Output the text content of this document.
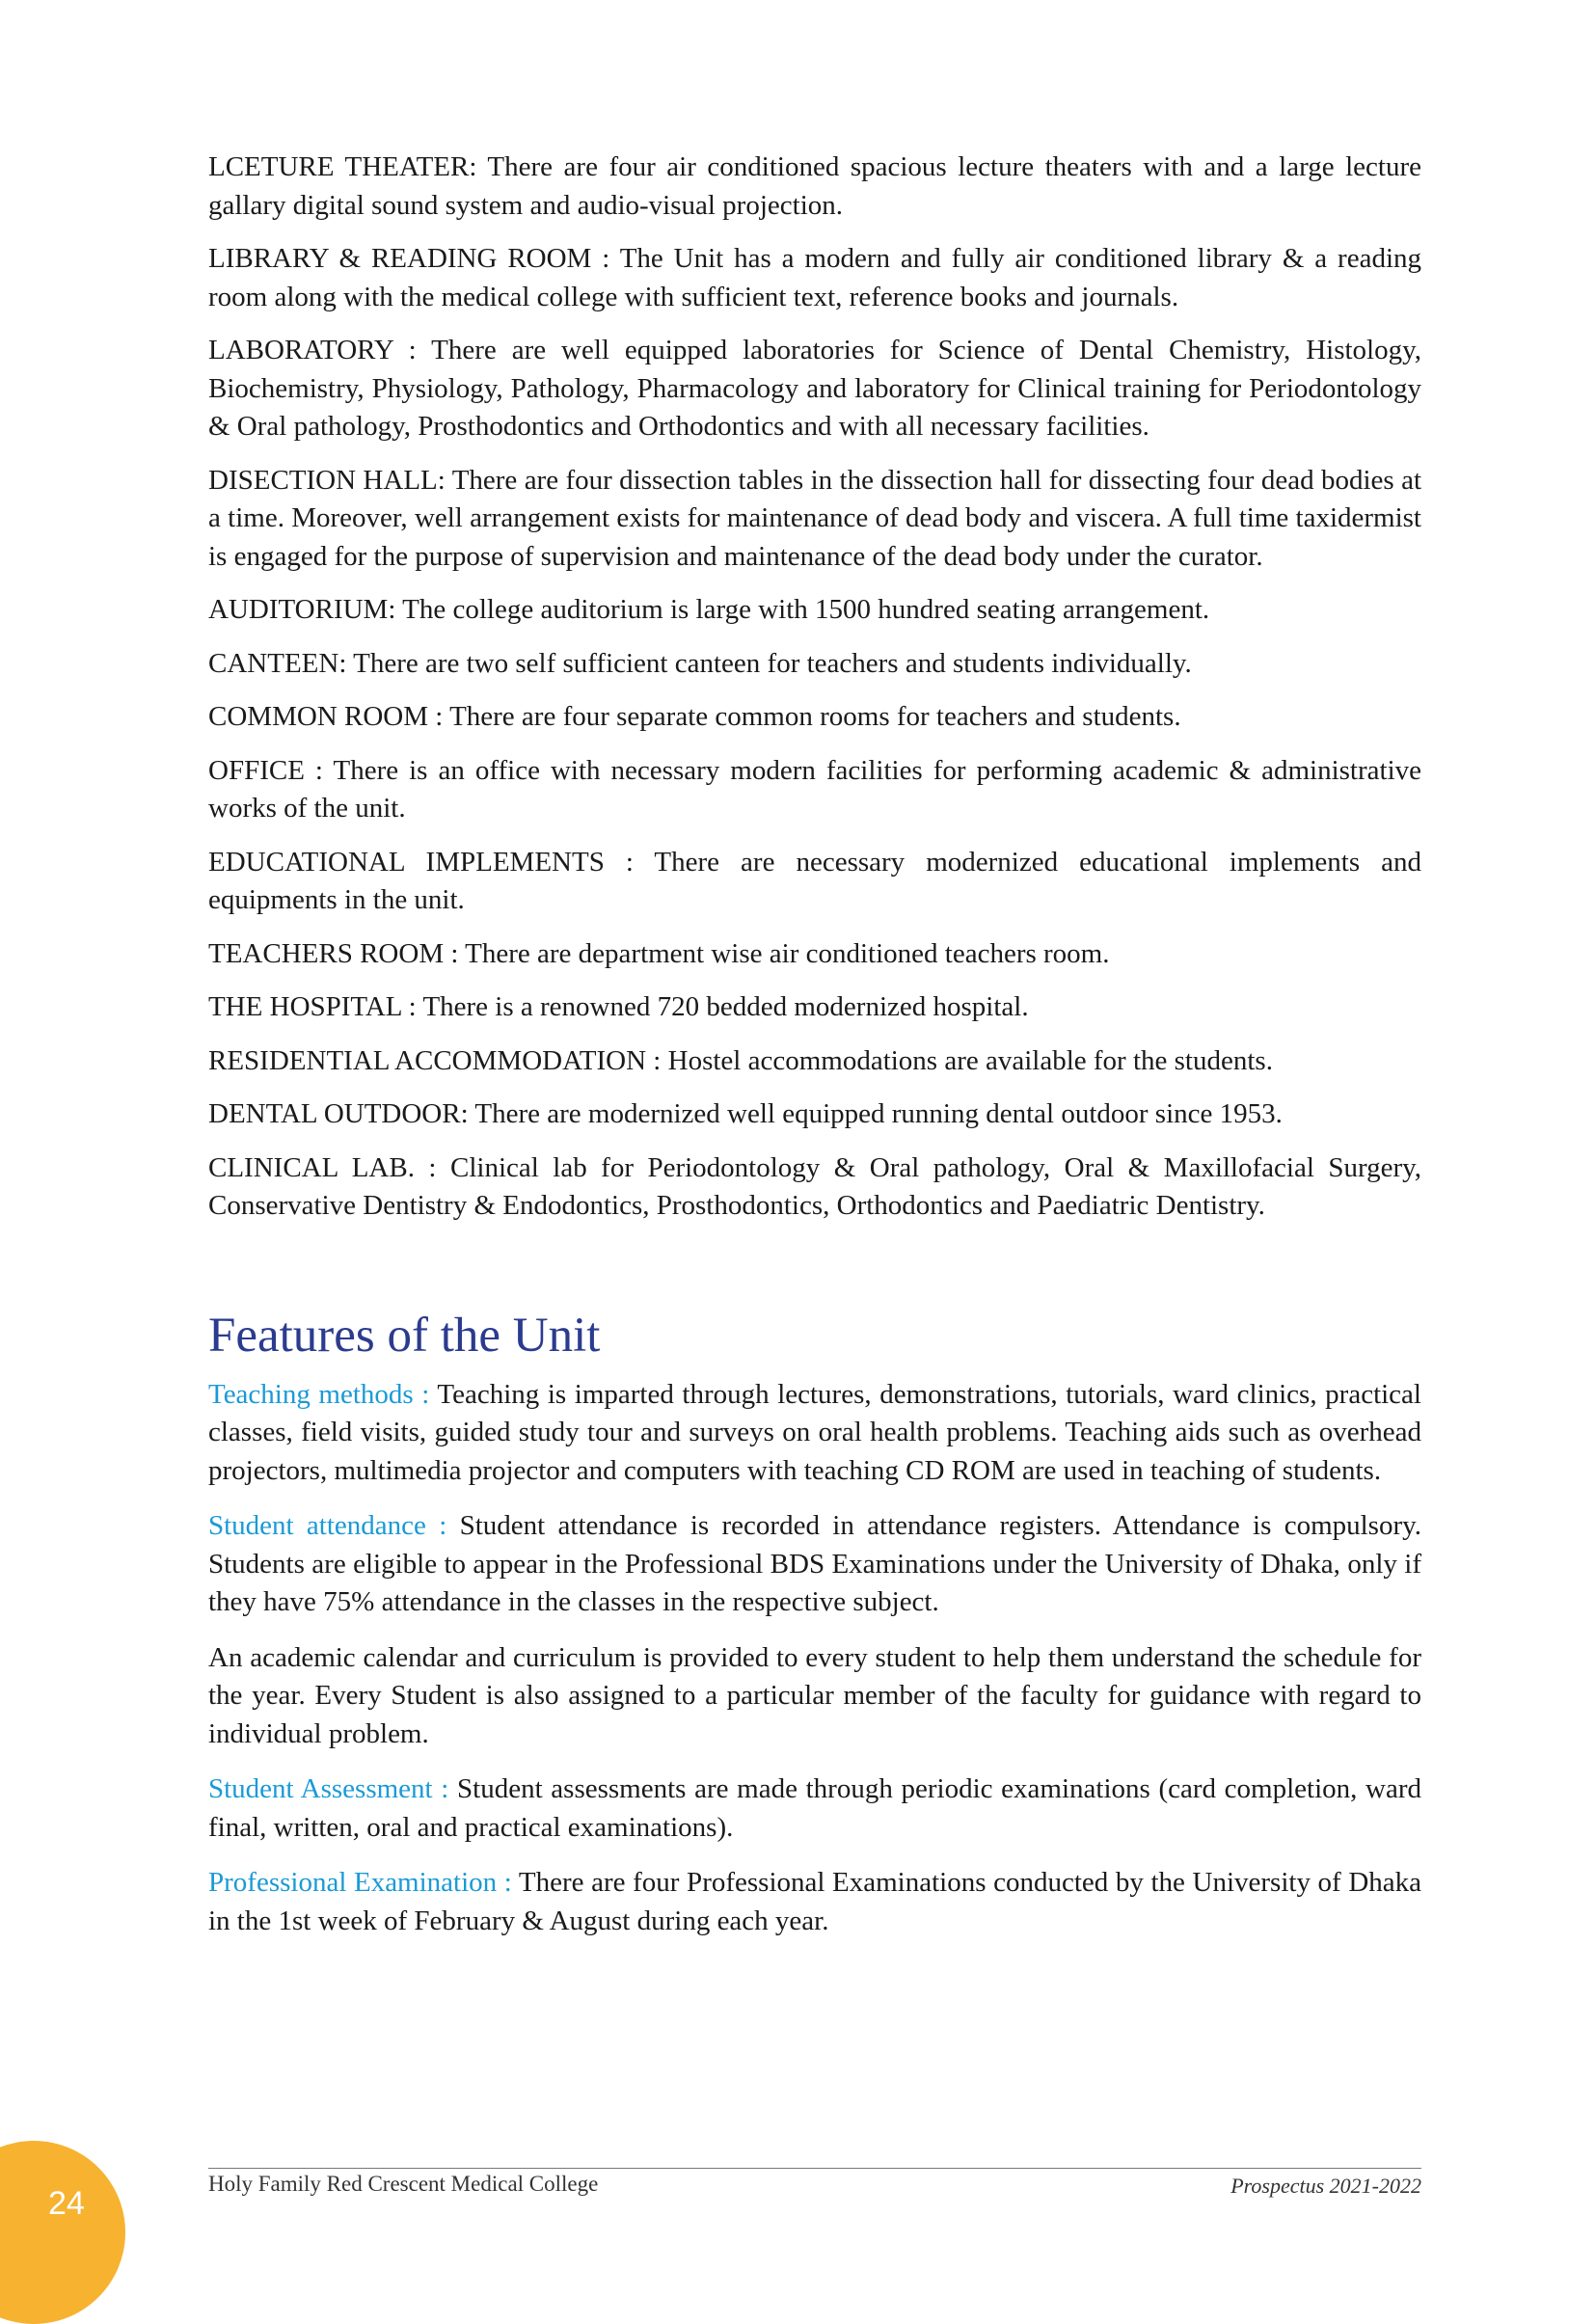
LCETURE THEATER: There are four air conditioned spacious lecture theaters with and a large lecture gallary digital sound system and audio-visual projection.

LIBRARY & READING ROOM : The Unit has a modern and fully air conditioned library & a reading room along with the medical college with sufficient text, reference books and journals.

LABORATORY : There are well equipped laboratories for Science of Dental Chemistry, Histology, Biochemistry, Physiology, Pathology, Pharmacology and laboratory for Clinical training for Periodontology & Oral pathology, Prosthodontics and Orthodontics and with all necessary facilities.

DISECTION HALL: There are four dissection tables in the dissection hall for dissecting four dead bodies at a time. Moreover, well arrangement exists for maintenance of dead body and viscera. A full time taxidermist is engaged for the purpose of supervision and maintenance of the dead body under the curator.

AUDITORIUM: The college auditorium is large with 1500 hundred seating arrangement.

CANTEEN: There are two self sufficient canteen for teachers and students individually.

COMMON ROOM : There are four separate common rooms for teachers and students.

OFFICE : There is an office with necessary modern facilities for performing academic & administrative works of the unit.

EDUCATIONAL IMPLEMENTS : There are necessary modernized educational implements and equipments in the unit.

TEACHERS ROOM : There are department wise air conditioned teachers room.

THE HOSPITAL : There is a renowned 720 bedded modernized hospital.

RESIDENTIAL ACCOMMODATION : Hostel accommodations are available for the students.

DENTAL OUTDOOR: There are modernized well equipped running dental outdoor since 1953.

CLINICAL LAB. : Clinical lab for Periodontology & Oral pathology, Oral & Maxillofacial Surgery, Conservative Dentistry & Endodontics, Prosthodontics, Orthodontics and Paediatric Dentistry.

Features of the Unit

Teaching methods : Teaching is imparted through lectures, demonstrations, tutorials, ward clinics, practical classes, field visits, guided study tour and surveys on oral health problems. Teaching aids such as overhead projectors, multimedia projector and computers with teaching CD ROM are used in teaching of students.

Student attendance : Student attendance is recorded in attendance registers. Attendance is compulsory. Students are eligible to appear in the Professional BDS Examinations under the University of Dhaka, only if they have 75% attendance in the classes in the respective subject.

An academic calendar and curriculum is provided to every student to help them understand the schedule for the year. Every Student is also assigned to a particular member of the faculty for guidance with regard to individual problem.

Student Assessment : Student assessments are made through periodic examinations (card completion, ward final, written, oral and practical examinations).

Professional Examination : There are four Professional Examinations conducted by the University of Dhaka in the 1st week of February & August during each year.

Holy Family Red Crescent Medical College	Prospectus 2021-2022
24
